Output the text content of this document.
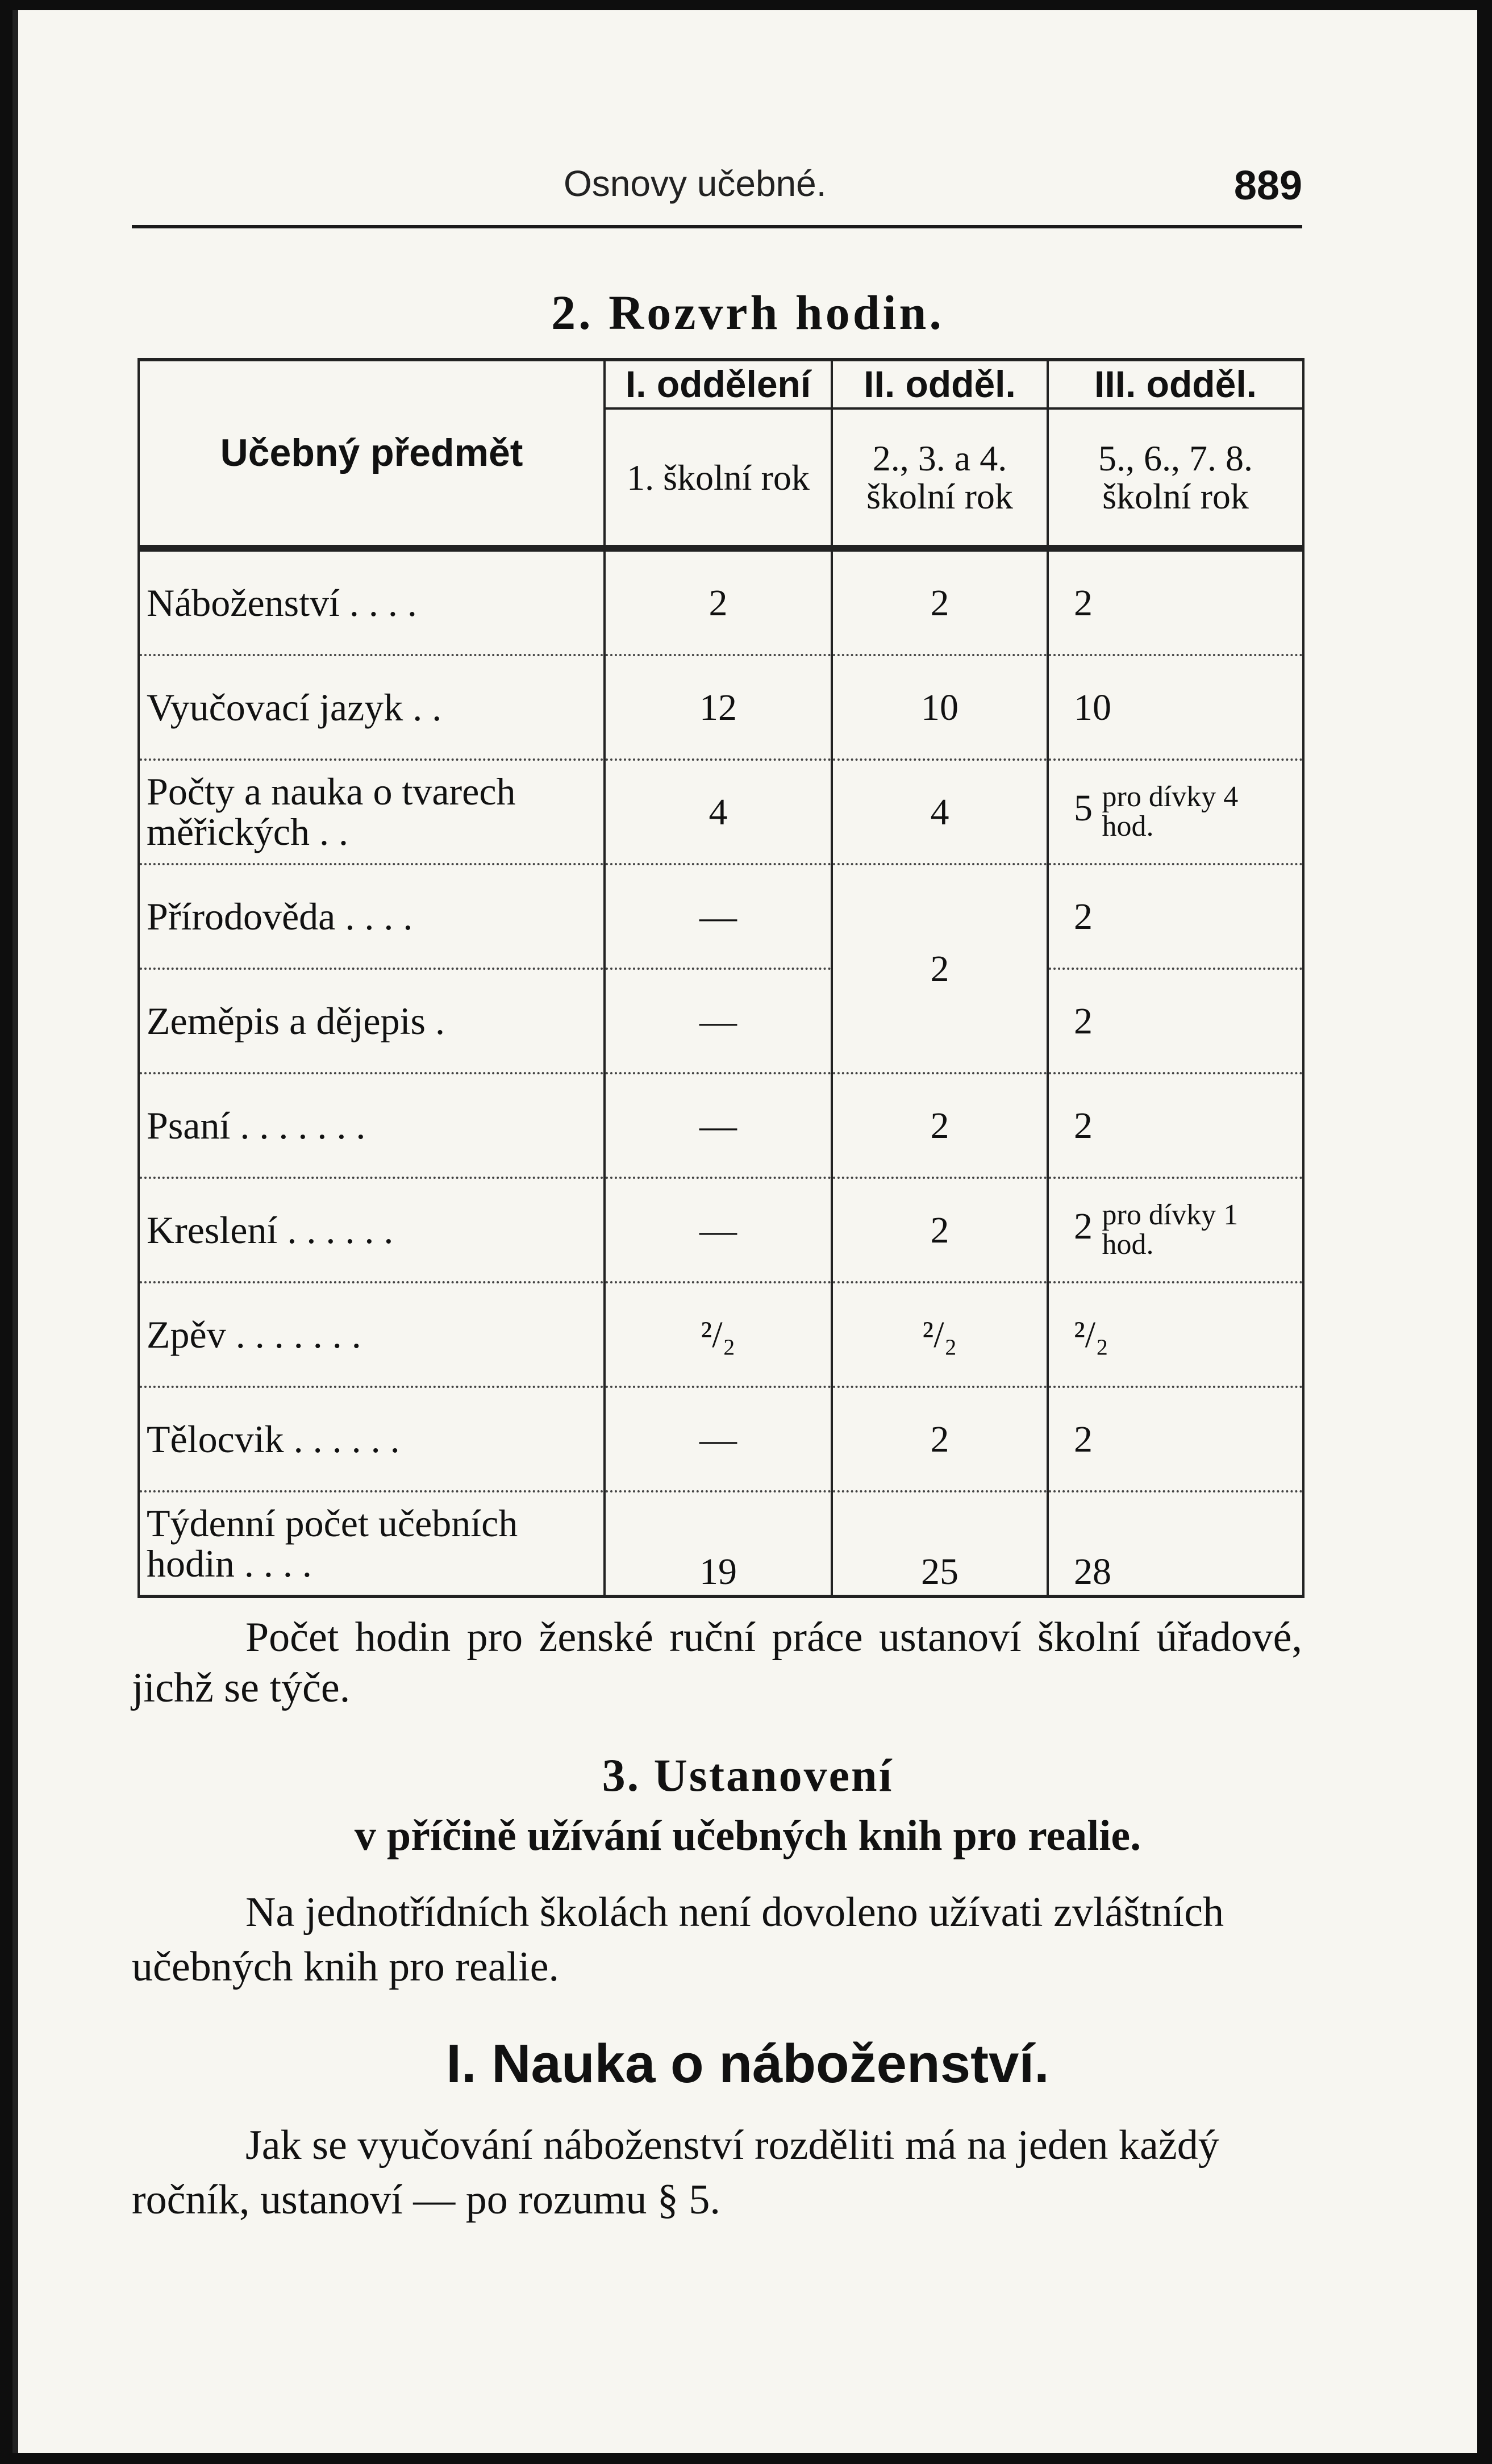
Osnovy učebné.	889
2. Rozvrh hodin.
Učebný předmět	I. oddělení	II. odděl.	III. odděl.
	1. školní rok	2., 3. a 4. školní rok	5., 6., 7. 8. školní rok
Náboženství . . . .	2	2	2
Vyučovací jazyk . .	12	10	10
Počty a nauka o tvarech měřických . .	4	4	5 pro dívky 4 hod.
Přírodověda . . . .	—	2	2
Zeměpis a dějepis .	—		2
Psaní . . . . . . .	—	2	2
Kreslení . . . . . .	—	2	2 pro dívky 1 hod.
Zpěv . . . . . . .	²/₂	²/₂	²/₂
Tělocvik . . . . . .	—	2	2
Týdenní počet učebních hodin . . . .	19	25	28
Počet hodin pro ženské ruční práce ustanoví školní úřadové, jichž se týče.
3. Ustanovení
v příčině užívání učebných knih pro realie.
Na jednotřídních školách není dovoleno užívati zvláštních učebných knih pro realie.
I. Nauka o náboženství.
Jak se vyučování náboženství rozděliti má na jeden každý ročník, ustanoví — po rozumu § 5.
